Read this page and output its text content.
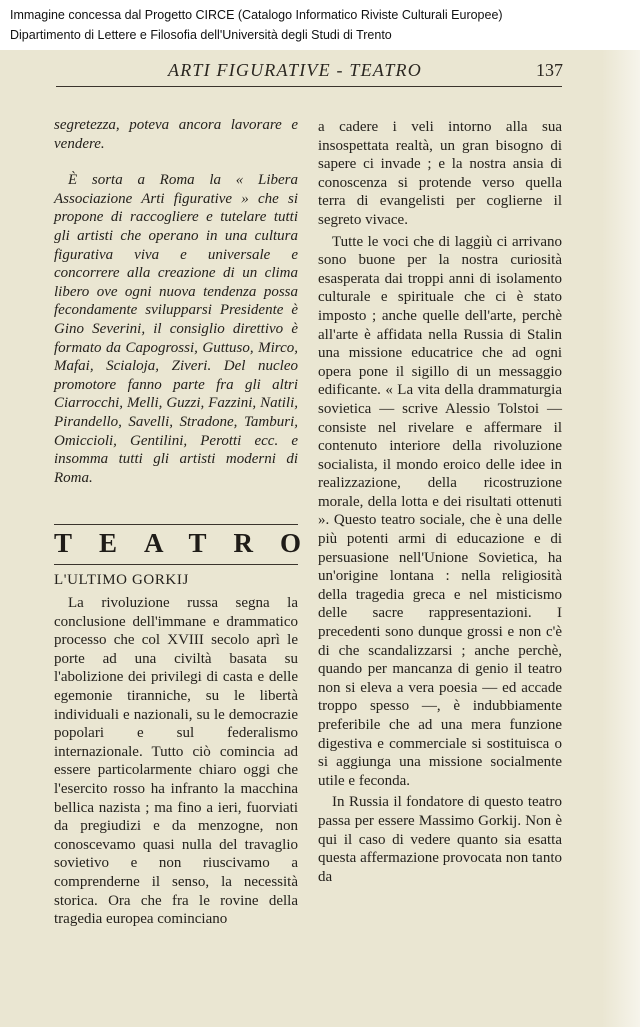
Immagine concessa dal Progetto CIRCE (Catalogo Informatico Riviste Culturali Europee)
Dipartimento di Lettere e Filosofia dell'Università degli Studi di Trento
ARTI FIGURATIVE - TEATRO	137

segretezza, poteva ancora lavorare e vendere.

È sorta a Roma la « Libera Associazione Arti figurative » che si propone di raccogliere e tutelare tutti gli artisti che operano in una cultura figurativa viva e universale e concorrere alla creazione di un clima libero ove ogni nuova tendenza possa fecondamente svilupparsi Presidente è Gino Severini, il consiglio direttivo è formato da Capogrossi, Guttuso, Mirco, Mafai, Scialoja, Ziveri. Del nucleo promotore fanno parte fra gli altri Ciarrocchi, Melli, Guzzi, Fazzini, Natili, Pirandello, Savelli, Stradone, Tamburi, Omiccioli, Gentilini, Perotti ecc. e insomma tutti gli artisti moderni di Roma.

TEATRO
L'ULTIMO GORKIJ

La rivoluzione russa segna la conclusione dell'immane e drammatico processo che col XVIII secolo aprì le porte ad una civiltà basata su l'abolizione dei privilegi di casta e delle egemonie tiranniche, su le libertà individuali e nazionali, su le democrazie popolari e sul federalismo internazionale. Tutto ciò comincia ad essere particolarmente chiaro oggi che l'esercito rosso ha infranto la macchina bellica nazista ; ma fino a ieri, fuorviati da pregiudizi e da menzogne, non conoscevamo quasi nulla del travaglio sovietivo e non riuscivamo a comprenderne il senso, la necessità storica. Ora che fra le rovine della tragedia europea cominciano

a cadere i veli intorno alla sua insospettata realtà, un gran bisogno di sapere ci invade ; e la nostra ansia di conoscenza si protende verso quella terra di evangelisti per coglierne il segreto vivace.

Tutte le voci che di laggiù ci arrivano sono buone per la nostra curiosità esasperata dai troppi anni di isolamento culturale e spirituale che ci è stato imposto ; anche quelle dell'arte, perchè all'arte è affidata nella Russia di Stalin una missione educatrice che ad ogni opera pone il sigillo di un messaggio edificante. « La vita della drammaturgia sovietica — scrive Alessio Tolstoi — consiste nel rivelare e affermare il contenuto interiore della rivoluzione socialista, il mondo eroico delle idee in realizzazione, della ricostruzione morale, della lotta e dei risultati ottenuti ». Questo teatro sociale, che è una delle più potenti armi di educazione e di persuasione nell'Unione Sovietica, ha un'origine lontana : nella religiosità della tragedia greca e nel misticismo delle sacre rappresentazioni. I precedenti sono dunque grossi e non c'è di che scandalizzarsi ; anche perchè, quando per mancanza di genio il teatro non si eleva a vera poesia — ed accade troppo spesso —, è indubbiamente preferibile che ad una mera funzione digestiva e commerciale si sostituisca o si aggiunga una missione socialmente utile e feconda.

In Russia il fondatore di questo teatro passa per essere Massimo Gorkij. Non è qui il caso di vedere quanto sia esatta questa affermazione provocata non tanto da
